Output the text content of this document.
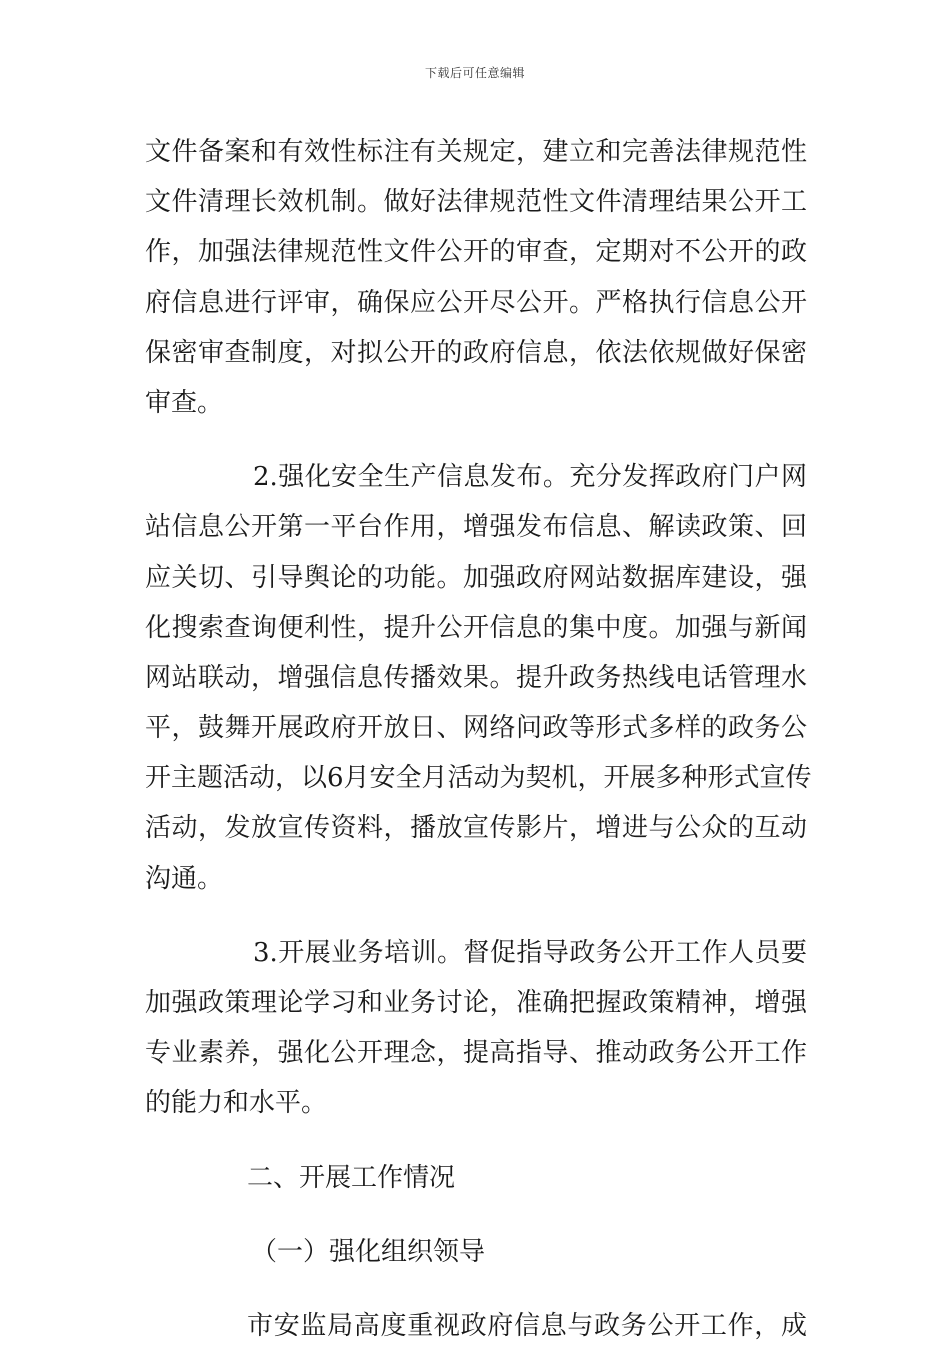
下载后可任意编辑
文件备案和有效性标注有关规定，建立和完善法律规范性
文件清理长效机制。做好法律规范性文件清理结果公开工
作，加强法律规范性文件公开的审查，定期对不公开的政
府信息进行评审，确保应公开尽公开。严格执行信息公开
保密审查制度，对拟公开的政府信息，依法依规做好保密
审查。
2.强化安全生产信息发布。充分发挥政府门户网
站信息公开第一平台作用，增强发布信息、解读政策、回
应关切、引导舆论的功能。加强政府网站数据库建设，强
化搜索查询便利性，提升公开信息的集中度。加强与新闻
网站联动，增强信息传播效果。提升政务热线电话管理水
平，鼓舞开展政府开放日、网络问政等形式多样的政务公
开主题活动，以6月安全月活动为契机，开展多种形式宣传
活动，发放宣传资料，播放宣传影片，增进与公众的互动
沟通。
3.开展业务培训。督促指导政务公开工作人员要
加强政策理论学习和业务讨论，准确把握政策精神，增强
专业素养，强化公开理念，提高指导、推动政务公开工作
的能力和水平。
二、开展工作情况
（一）强化组织领导
市安监局高度重视政府信息与政务公开工作，成
